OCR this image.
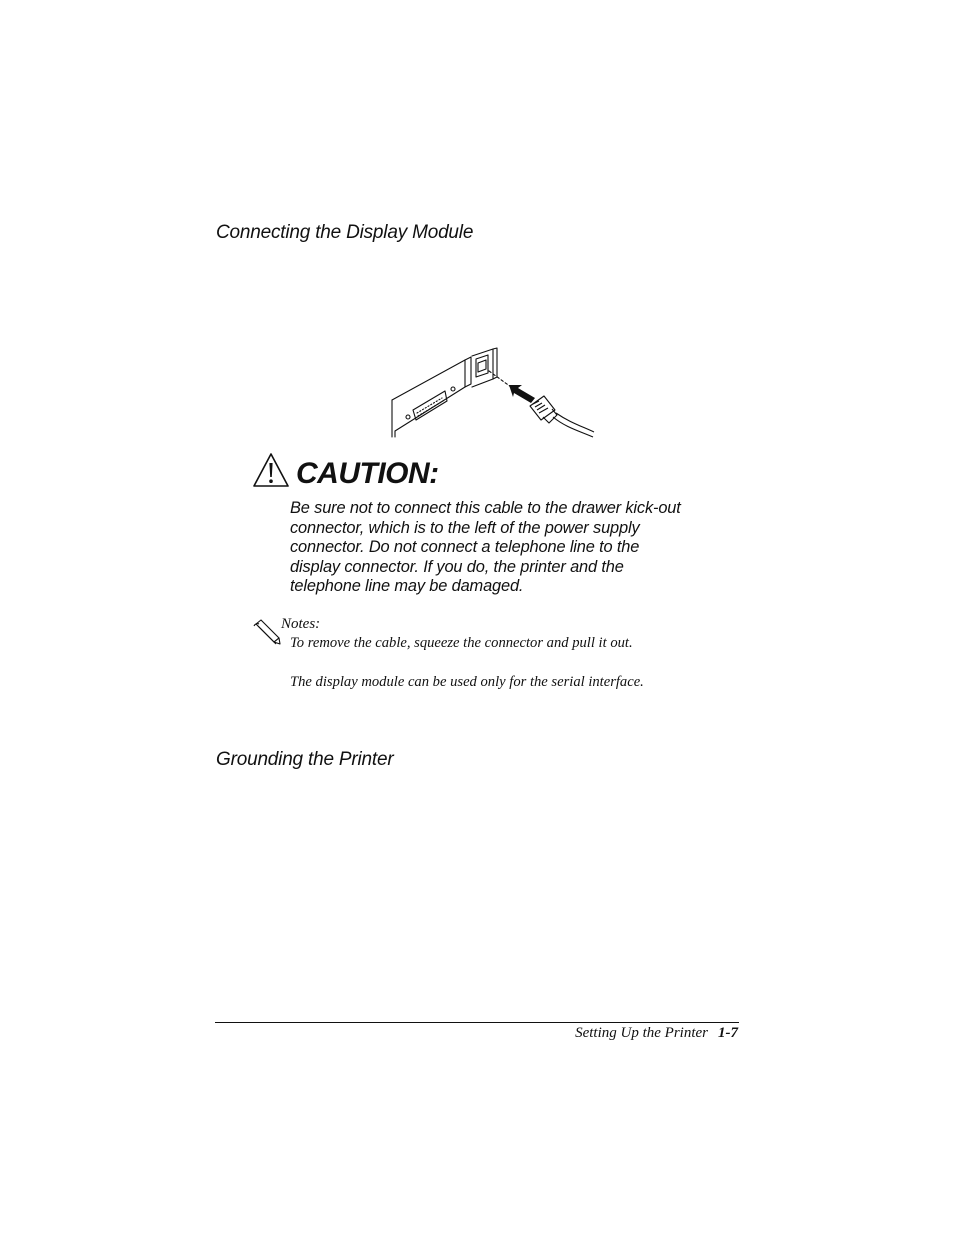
Connecting the Display Module
CAUTION:
Be sure not to connect this cable to the drawer kick-out
connector, which is to the left of the power supply
connector. Do not connect a telephone line to the
display connector. If you do, the printer and the
telephone line may be damaged.
Notes:
To remove the cable, squeeze the connector and pull it out.
The display module can be used only for the serial interface.
Grounding the Printer
Setting Up the Printer 1-7
